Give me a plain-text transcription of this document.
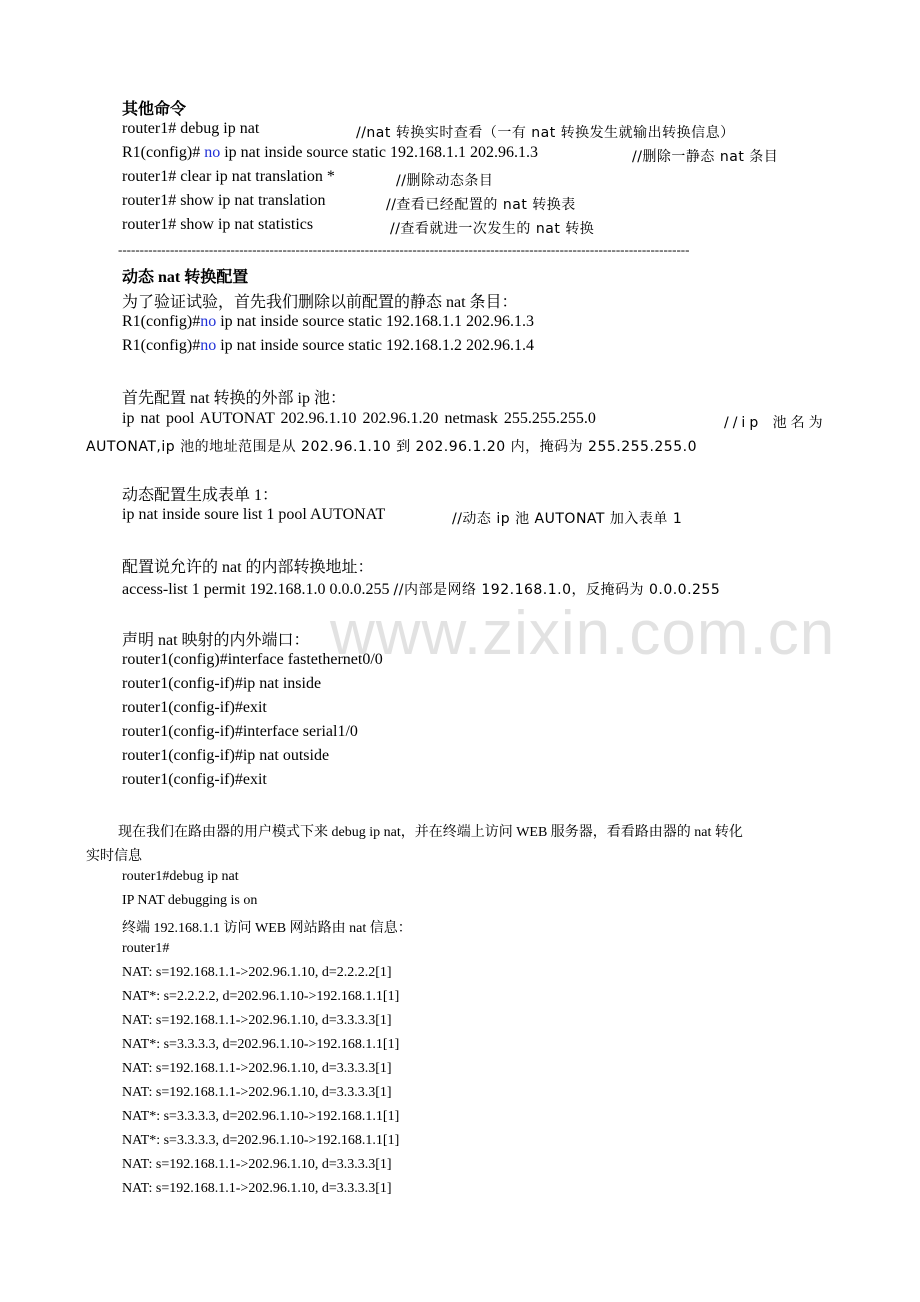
www.zixin.com.cn
其他命令
router1# debug ip nat	//nat 转换实时查看（一有 nat 转换发生就输出转换信息）
R1(config)# no ip nat inside source static 192.168.1.1 202.96.1.3	//删除一静态 nat 条目
router1# clear ip nat translation *	//删除动态条目
router1# show ip nat translation	//查看已经配置的 nat 转换表
router1# show ip nat statistics	//查看就进一次发生的 nat 转换
------------------------------------------------------------------------------------------------------------------------------------
动态 nat 转换配置
为了验证试验，首先我们删除以前配置的静态 nat 条目：
R1(config)#no ip nat inside source static 192.168.1.1 202.96.1.3
R1(config)#no ip nat inside source static 192.168.1.2 202.96.1.4
首先配置 nat 转换的外部 ip 池：
ip nat pool AUTONAT 202.96.1.10 202.96.1.20 netmask 255.255.255.0	//ip 池名为
AUTONAT,ip 池的地址范围是从 202.96.1.10 到 202.96.1.20 内，掩码为 255.255.255.0
动态配置生成表单 1：
ip nat inside soure list 1 pool AUTONAT	//动态 ip 池 AUTONAT 加入表单 1
配置说允许的 nat 的内部转换地址：
access-list 1 permit 192.168.1.0 0.0.0.255 //内部是网络 192.168.1.0，反掩码为 0.0.0.255
声明 nat 映射的内外端口：
router1(config)#interface fastethernet0/0
router1(config-if)#ip nat inside
router1(config-if)#exit
router1(config-if)#interface serial1/0
router1(config-if)#ip nat outside
router1(config-if)#exit
现在我们在路由器的用户模式下来 debug ip nat，并在终端上访问 WEB 服务器，看看路由器的 nat 转化
实时信息
router1#debug ip nat
IP NAT debugging is on
终端 192.168.1.1 访问 WEB 网站路由 nat 信息：
router1#
NAT: s=192.168.1.1->202.96.1.10, d=2.2.2.2[1]
NAT*: s=2.2.2.2, d=202.96.1.10->192.168.1.1[1]
NAT: s=192.168.1.1->202.96.1.10, d=3.3.3.3[1]
NAT*: s=3.3.3.3, d=202.96.1.10->192.168.1.1[1]
NAT: s=192.168.1.1->202.96.1.10, d=3.3.3.3[1]
NAT: s=192.168.1.1->202.96.1.10, d=3.3.3.3[1]
NAT*: s=3.3.3.3, d=202.96.1.10->192.168.1.1[1]
NAT*: s=3.3.3.3, d=202.96.1.10->192.168.1.1[1]
NAT: s=192.168.1.1->202.96.1.10, d=3.3.3.3[1]
NAT: s=192.168.1.1->202.96.1.10, d=3.3.3.3[1]
